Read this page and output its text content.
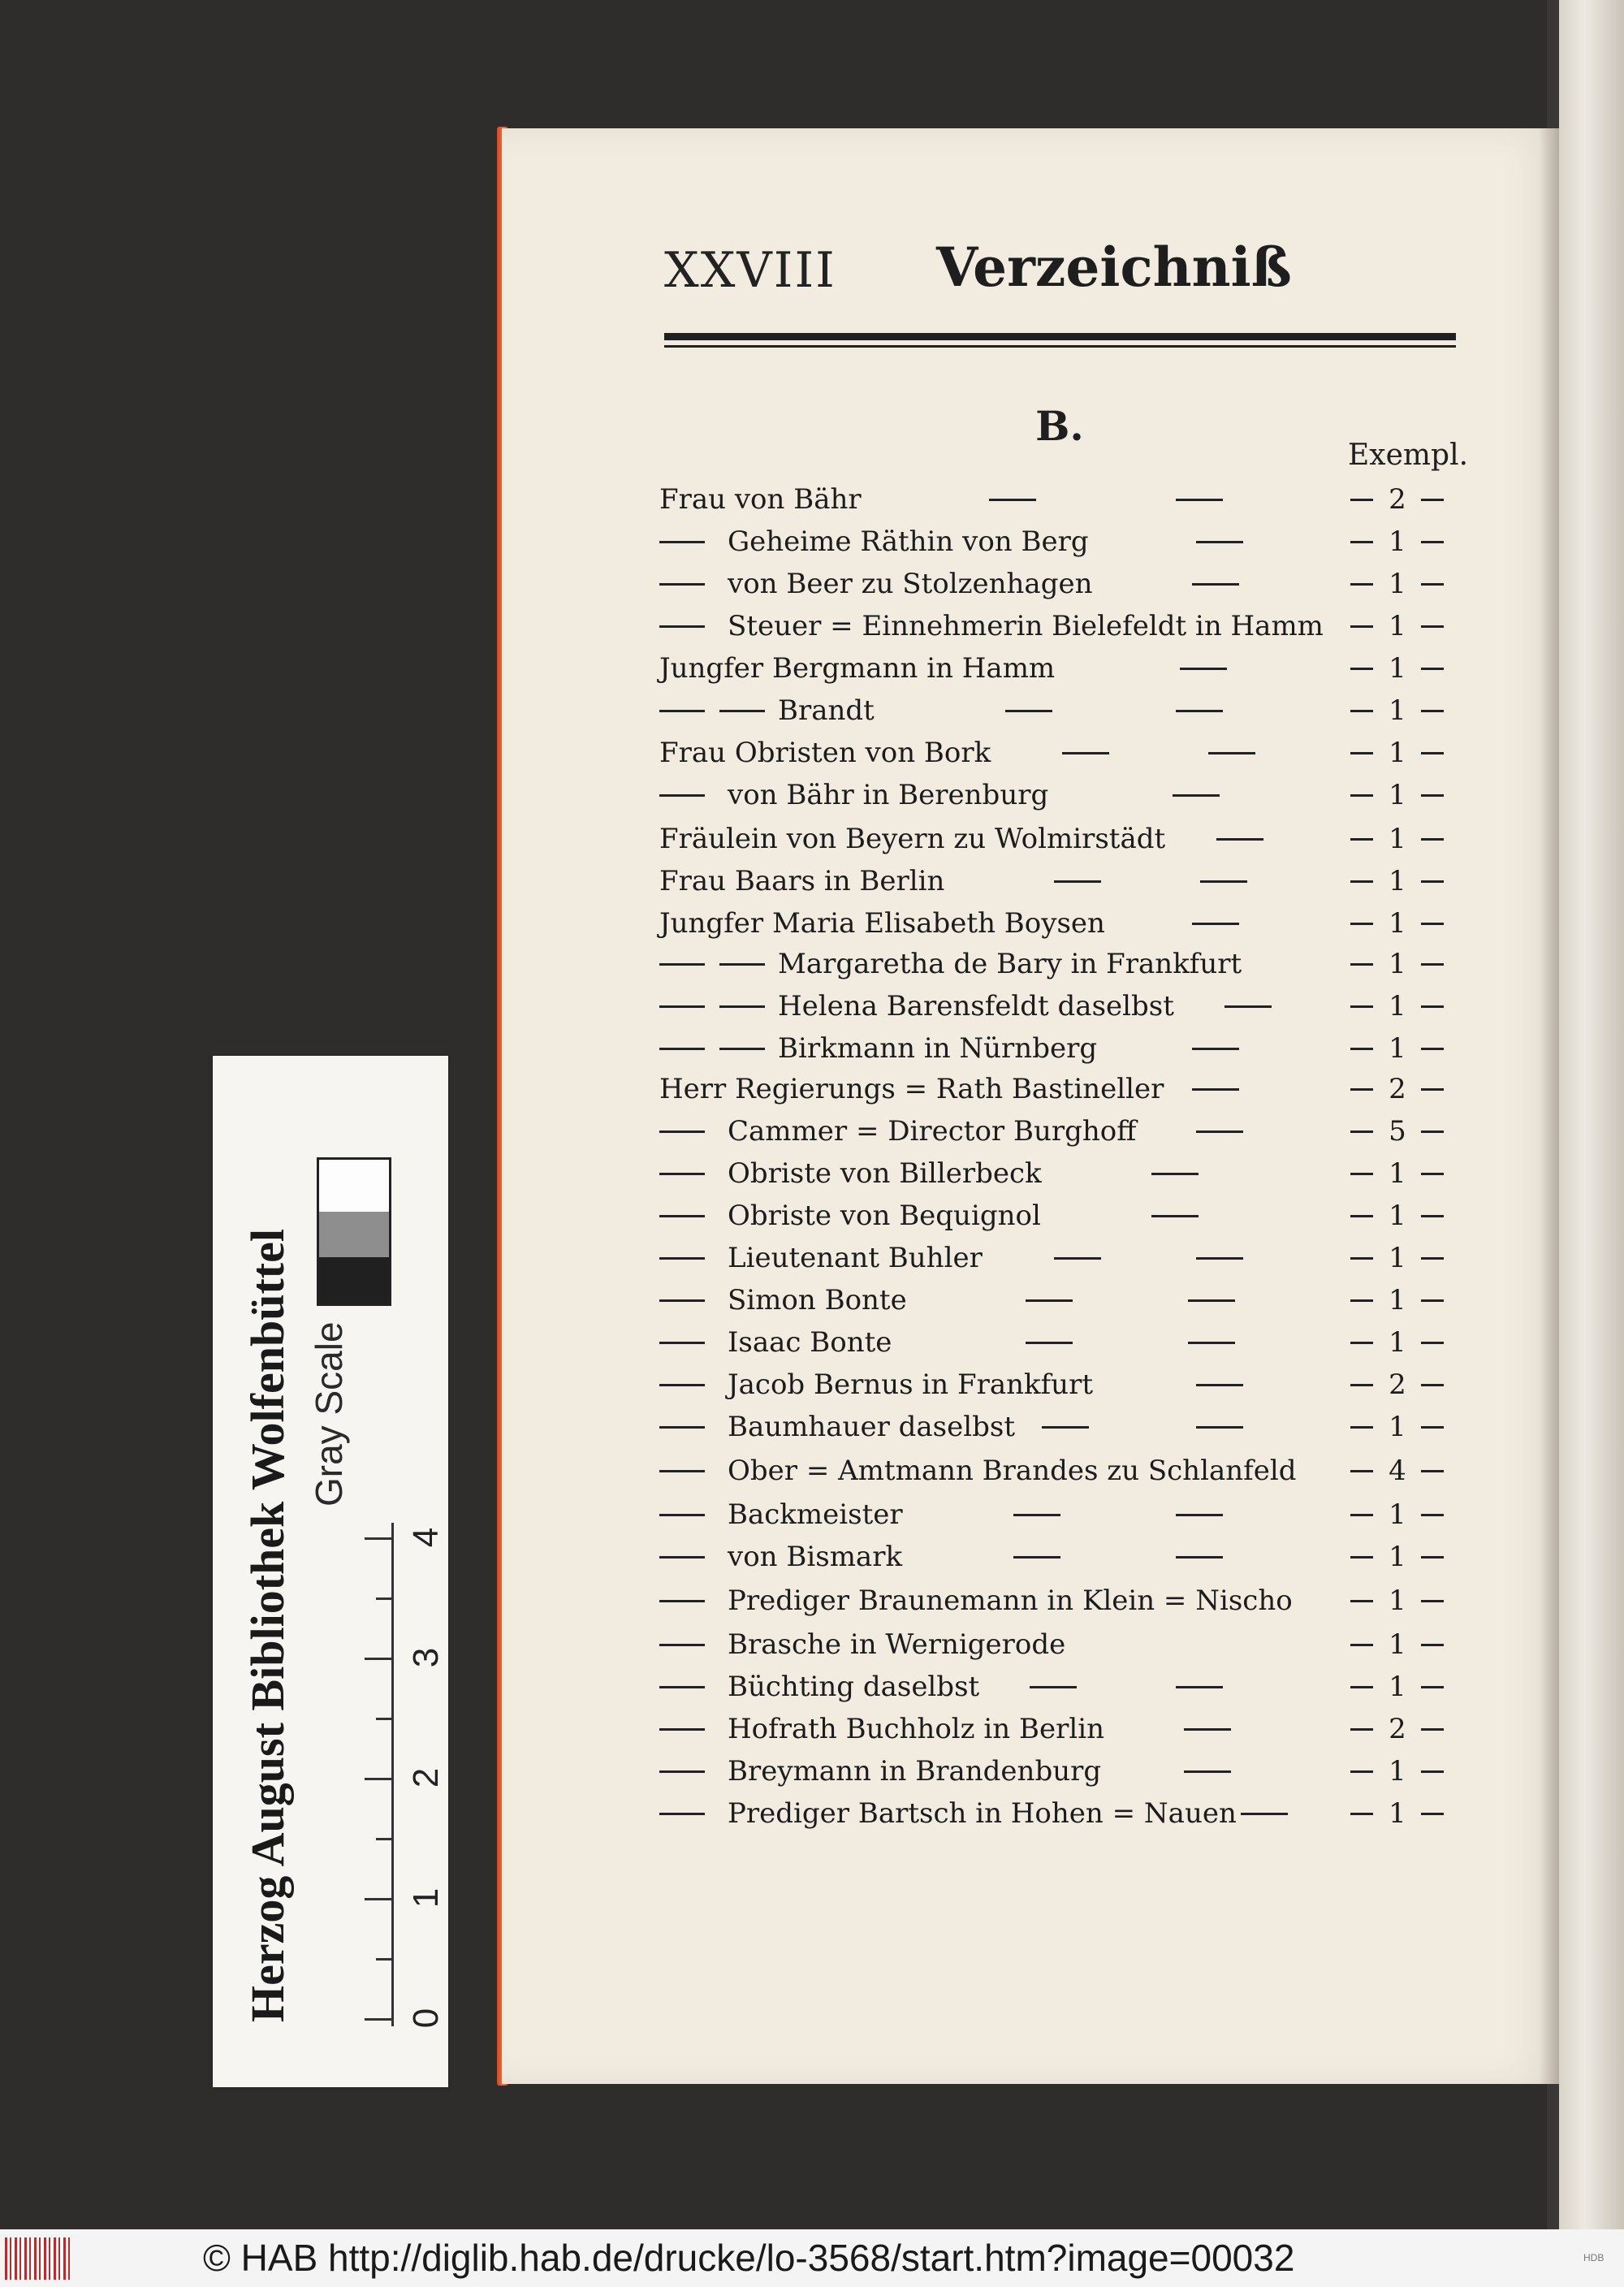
XXVIII Verzeichniß
B.
Exempl.
Frau von Bähr	2
Geheime Räthin von Berg	1
von Beer zu Stolzenhagen	1
Steuer = Einnehmerin Bielefeldt in Hamm 1
Jungfer Bergmann in Hamm	1
Brandt	1
Frau Obristen von Bork	1
von Bähr in Berenburg	1
Fräulein von Beyern zu Wolmirstädt	1
Frau Baars in Berlin	1
Jungfer Maria Elisabeth Boysen	1
Margaretha de Bary in Frankfurt	1
Helena Barensfeldt daselbst	1
Birkmann in Nürnberg	1
Herr Regierungs = Rath Bastineller	2
Cammer = Director Burghoff	5
Obriste von Billerbeck	1
Obriste von Bequignol	1
Lieutenant Buhler	1
Simon Bonte	1
Isaac Bonte	1
Jacob Bernus in Frankfurt	2
Baumhauer daselbst	1
Ober = Amtmann Brandes zu Schlanfeld	4
Backmeister	1
von Bismark	1
Prediger Braunemann in Klein = Nischo	1
Brasche in Wernigerode	1
Büchting daselbst	1
Hofrath Buchholz in Berlin	2
Breymann in Brandenburg	1
Prediger Bartsch in Hohen = Nauen	1
Herzog August Bibliothek Wolfenbüttel Gray Scale
0
1
2
3
4
© HAB http://diglib.hab.de/drucke/lo-3568/start.htm?image=00032	HDB
